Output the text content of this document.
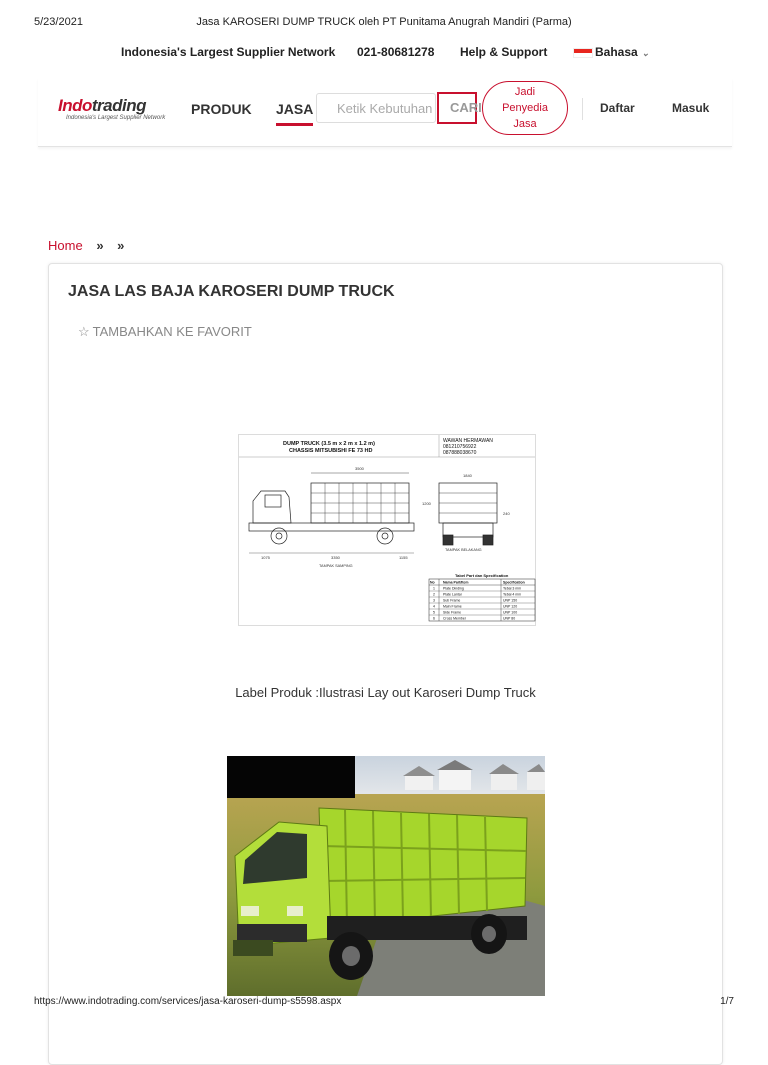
5/23/2021	Jasa KAROSERI DUMP TRUCK oleh PT Punitama Anugrah Mandiri (Parma)
Indonesia's Largest Supplier Network 021-80681278 Help & Support	Bahasa ⌄
Indotrading
Indonesia's Largest Supplier Network
PRODUK JASA
Ketik Kebutuhan	CARI
Jadi Penyedia Jasa
Daftar	Masuk
Home » »
JASA LAS BAJA KAROSERI DUMP TRUCK
☆ TAMBAHKAN KE FAVORIT
DUMP TRUCK (3.5 m x 2 m x 1.2 m)
CHASSIS MITSUBISHI FE 73 HD
WAWAN HERMAWAN
081210756922
087888038670
3500
1200
1075	3350	1155
TAMPAK SAMPING
1840
240
TAMPAK BELAKANG
Tabel Part dan Specification
No Nama Part/Item	Specification
1 Plate Dinding	Tebal 3 mm
2 Plate Lantai	Tebal 4 mm
3 Sub Frame	UNP 150
4 Main Frame	UNP 120
5 Side Frame	UNP 100
6 Cross Member	UNP 80
Label Produk :Ilustrasi Lay out Karoseri Dump Truck
https://www.indotrading.com/services/jasa-karoseri-dump-s5598.aspx	1/7
